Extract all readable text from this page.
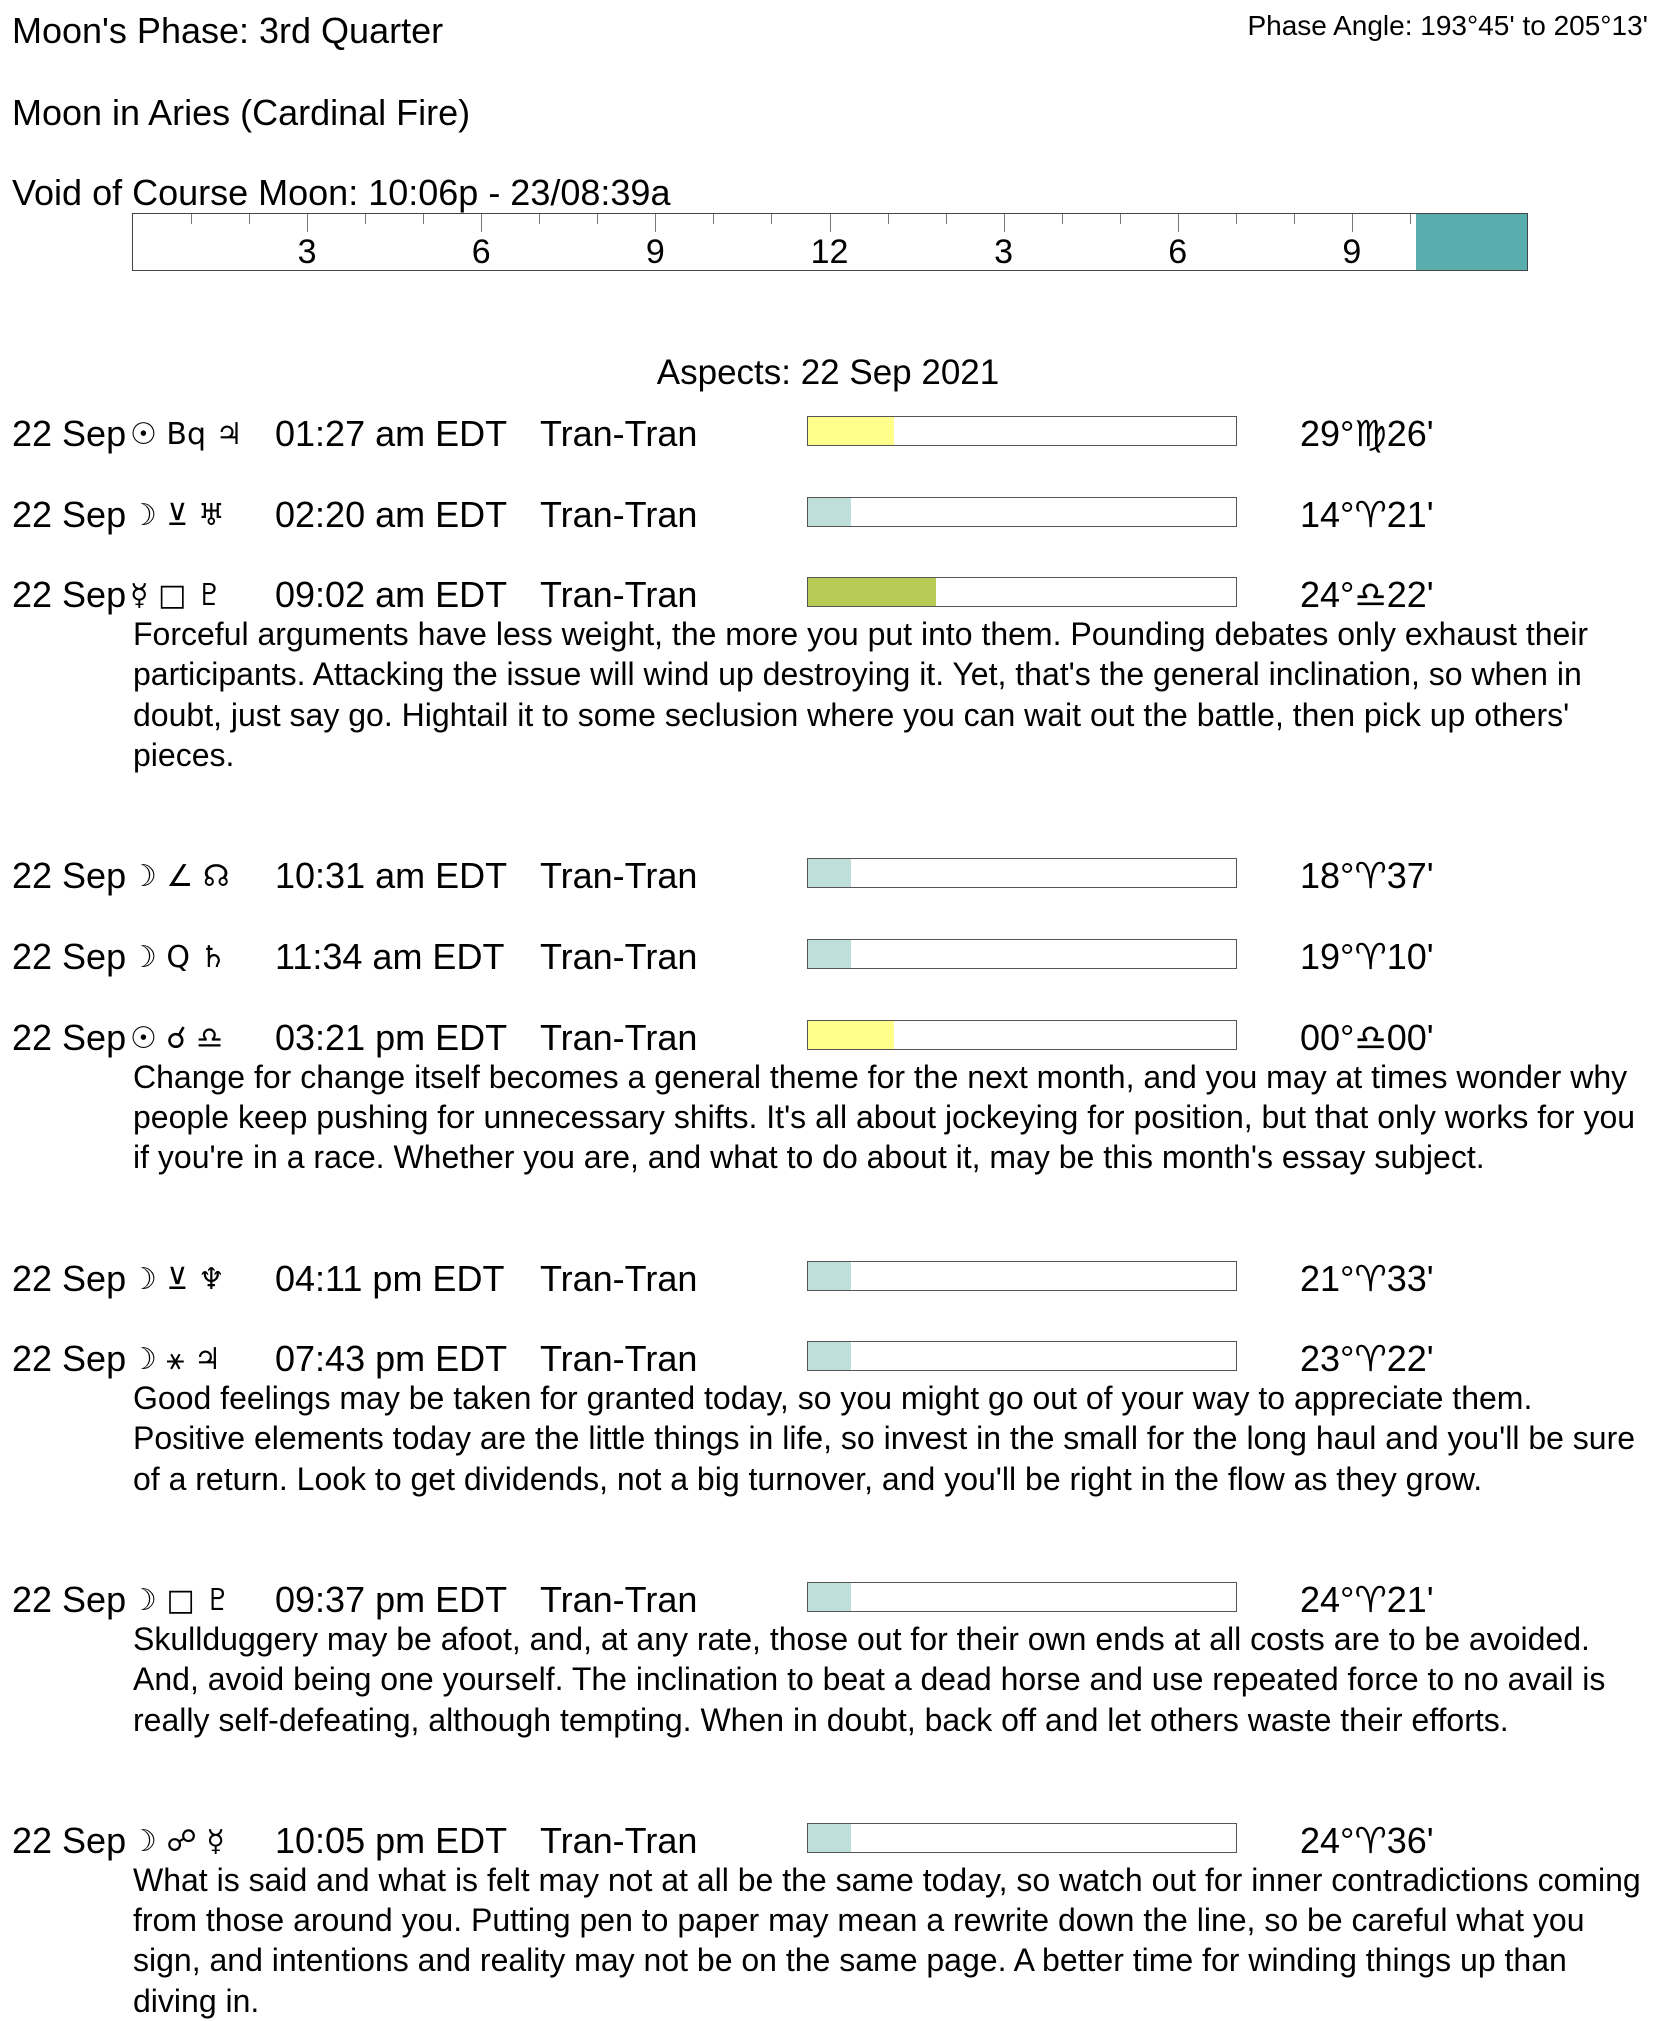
Moon's Phase: 3rd Quarter	Phase Angle: 193°45' to 205°13'
Moon in Aries (Cardinal Fire)
Void of Course Moon: 10:06p - 23/08:39a
3	6	9	12	3	6	9
Aspects: 22 Sep 2021
22 Sep ☉ Bq ♃ 01:27 am EDT Tran-Tran	29°♍26'
22 Sep ☽ ⊻ ♅ 02:20 am EDT Tran-Tran	14°♈21'
22 Sep ☿ □ ♇ 09:02 am EDT Tran-Tran	24°♎22'
Forceful arguments have less weight, the more you put into them. Pounding debates only exhaust their participants. Attacking the issue will wind up destroying it. Yet, that's the general inclination, so when in doubt, just say go. Hightail it to some seclusion where you can wait out the battle, then pick up others' pieces.
22 Sep ☽ ∠ ☊ 10:31 am EDT Tran-Tran	18°♈37'
22 Sep ☽ Q ♄ 11:34 am EDT Tran-Tran	19°♈10'
22 Sep ☉ ☌ ♎ 03:21 pm EDT Tran-Tran	00°♎00'
Change for change itself becomes a general theme for the next month, and you may at times wonder why people keep pushing for unnecessary shifts. It's all about jockeying for position, but that only works for you if you're in a race. Whether you are, and what to do about it, may be this month's essay subject.
22 Sep ☽ ⊻ ♆ 04:11 pm EDT Tran-Tran	21°♈33'
22 Sep ☽ ⚹ ♃ 07:43 pm EDT Tran-Tran	23°♈22'
Good feelings may be taken for granted today, so you might go out of your way to appreciate them. Positive elements today are the little things in life, so invest in the small for the long haul and you'll be sure of a return. Look to get dividends, not a big turnover, and you'll be right in the flow as they grow.
22 Sep ☽ □ ♇ 09:37 pm EDT Tran-Tran	24°♈21'
Skullduggery may be afoot, and, at any rate, those out for their own ends at all costs are to be avoided. And, avoid being one yourself. The inclination to beat a dead horse and use repeated force to no avail is really self-defeating, although tempting. When in doubt, back off and let others waste their efforts.
22 Sep ☽ ☍ ☿ 10:05 pm EDT Tran-Tran	24°♈36'
What is said and what is felt may not at all be the same today, so watch out for inner contradictions coming from those around you. Putting pen to paper may mean a rewrite down the line, so be careful what you sign, and intentions and reality may not be on the same page. A better time for winding things up than diving in.
